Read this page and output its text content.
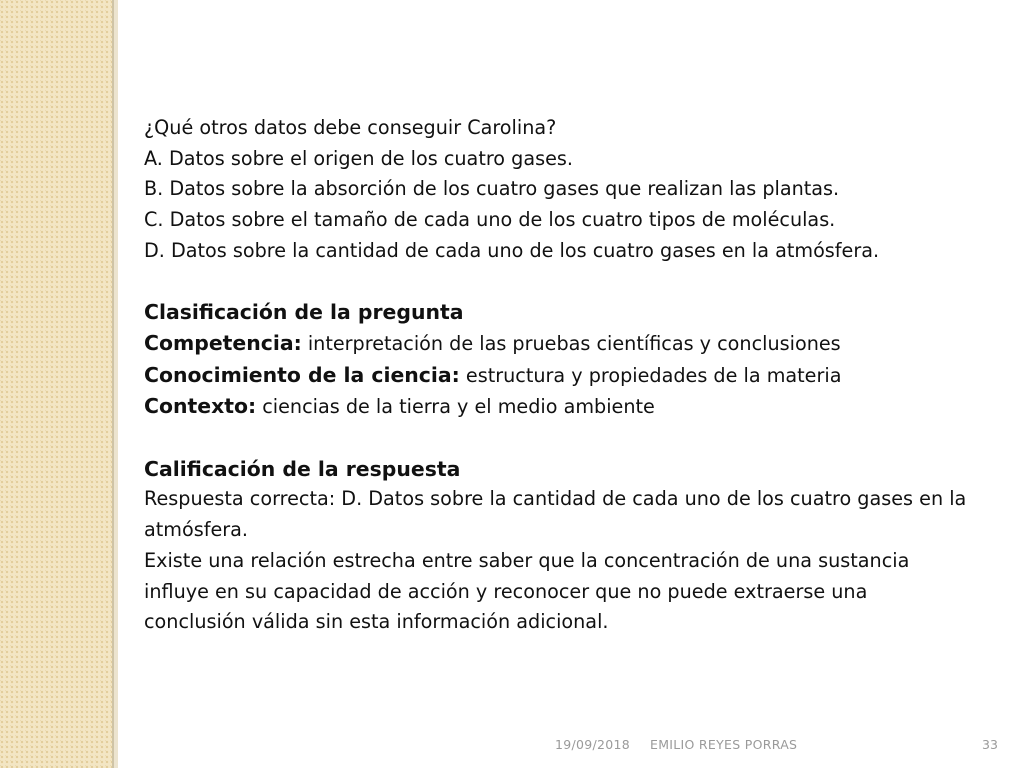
¿Qué otros datos debe conseguir Carolina?

A. Datos sobre el origen de los cuatro gases.

B. Datos sobre la absorción de los cuatro gases que realizan las plantas.

C. Datos sobre el tamaño de cada uno de los cuatro tipos de moléculas.

D. Datos sobre la cantidad de cada uno de los cuatro gases en la atmósfera.

Clasificación de la pregunta

Competencia: interpretación de las pruebas científicas y conclusiones

Conocimiento de la ciencia: estructura y propiedades de la materia

Contexto: ciencias de la tierra y el medio ambiente

Calificación de la respuesta

Respuesta correcta: D. Datos sobre la cantidad de cada uno de los cuatro gases en la atmósfera.

Existe una relación estrecha entre saber que la concentración de una sustancia influye en su capacidad de acción y reconocer que no puede extraerse una conclusión válida sin esta información adicional.

19/09/2018 EMILIO REYES PORRAS	33
